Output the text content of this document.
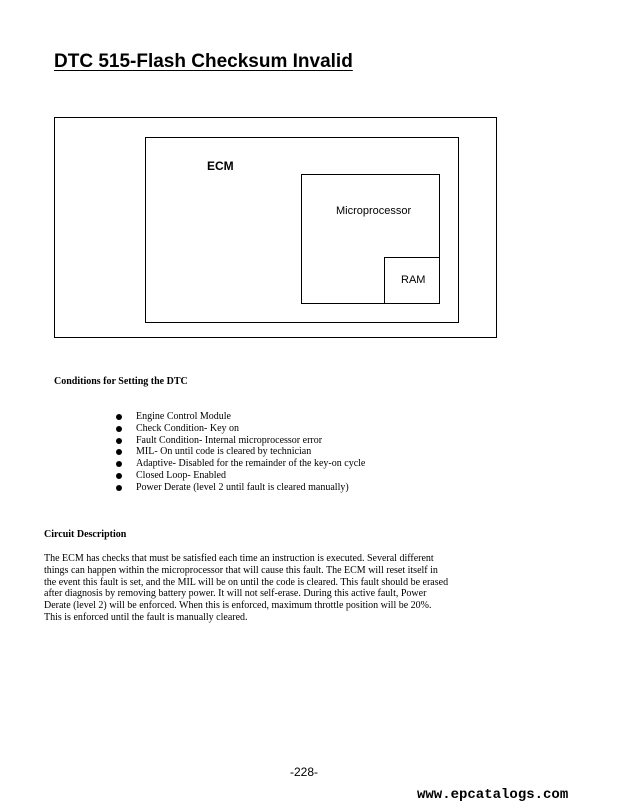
DTC 515-Flash Checksum Invalid
ECM
Microprocessor
RAM
Conditions for Setting the DTC
Engine Control Module
Check Condition- Key on
Fault Condition- Internal microprocessor error
MIL- On until code is cleared by technician
Adaptive- Disabled for the remainder of the key-on cycle
Closed Loop- Enabled
Power Derate (level 2 until fault is cleared manually)
Circuit Description
The ECM has checks that must be satisfied each time an instruction is executed. Several different
things can happen within the microprocessor that will cause this fault. The ECM will reset itself in
the event this fault is set, and the MIL will be on until the code is cleared. This fault should be erased
after diagnosis by removing battery power. It will not self-erase. During this active fault, Power
Derate (level 2) will be enforced. When this is enforced, maximum throttle position will be 20%.
This is enforced until the fault is manually cleared.
-228-
www.epcatalogs.com
